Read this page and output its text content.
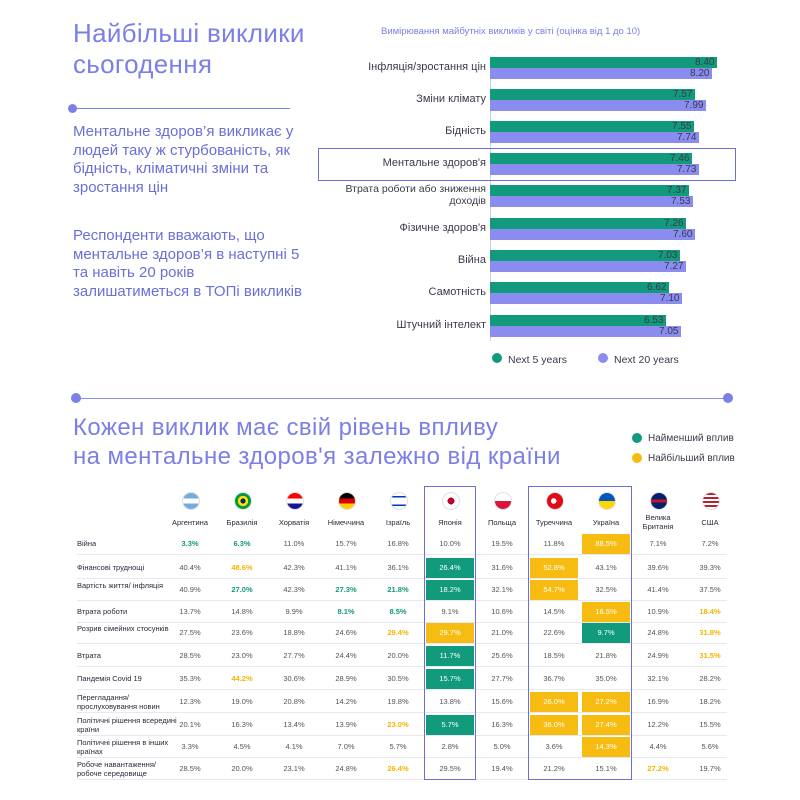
Найбільші виклики сьогодення
Ментальне здоров’я викликає у людей таку ж стурбованість, як бідність, кліматичні зміни та зростання цін
Респонденти вважають, що ментальне здоров’я в наступні 5 та навіть 20 років залишатиметься в ТОПі викликів
Вимірювання майбутніх викликів у світі (оцінка від 1 до 10)
Інфляція/зростання цін	8.40
8.20
Зміни клімату	7.57
7.99
Бідність	7.55
7.74
Ментальне здоров'я	7.46
7.73
Втрата роботи або зниження доходів
7.37
7.53
Фізичне здоров'я	7.26
7.60
Війна	7.03
7.27
Самотність	6.62
7.10
Штучний інтелект	6.53
7.05
Next 5 years	Next 20 years
Кожен виклик має свій рівень впливу
на ментальне здоров'я залежно від країни
Найменший вплив
Найбільший вплив
Аргентина	Бразилія	Хорватія	Німеччина	Ізраїль	Японія	Польща	Туреччина	Україна
Велика Британія	США
Війна	3.3%	6.3%	11.0%	15.7%	16.8%	10.0%	19.5%	11.8%	88.5%	7.1%	7.2%
Фінансові труднощі	40.4%	48.6%	42.3%	41.1%	36.1%	26.4%	31.6%	52.8%	43.1%	39.6%	39.3%
Вартість життя/ інфляція	40.9%	27.0%	42.3%	27.3%	21.8%	18.2%	32.1%	54.7%	32.5%	41.4%	37.5%
Втрата роботи	13.7%	14.8%	9.9%	8.1%	8.5%	9.1%	10.6%	14.5%	16.5%	10.9%	18.4%
Розрив сімейних стосунків	27.5%	23.6%	18.8%	24.6%	29.4%	29.7%	21.0%	22.6%	9.7%	24.8%	31.8%
Втрата	28.5%	23.0%	27.7%	24.4%	20.0%	11.7%	25.6%	18.5%	21.8%	24.9%	31.5%
Пандемія Covid 19	35.3%	44.2%	30.6%	28.9%	30.5%	15.7%	27.7%	36.7%	35.0%	32.1%	28.2%
Перегладання/ прослуховування новин
12.3%	19.0%	20.8%	14.2%	19.8%	13.8%	15.6%	26.0%	27.2%	16.9%	18.2%
Політичні рішення всередині країни
20.1%	16.3%	13.4%	13.9%	23.0%	5.7%	16.3%	36.0%	27.4%	12.2%	15.5%
Політичні рішення в інших країнах
3.3%	4.5%	4.1%	7.0%	5.7%	2.8%	5.0%	3.6%	14.3%	4.4%	5.6%
Робоче навантаження/ робоче середовище
28.5%	20.0%	23.1%	24.8%	26.4%	29.5%	19.4%	21.2%	15.1%	27.2%	19.7%
